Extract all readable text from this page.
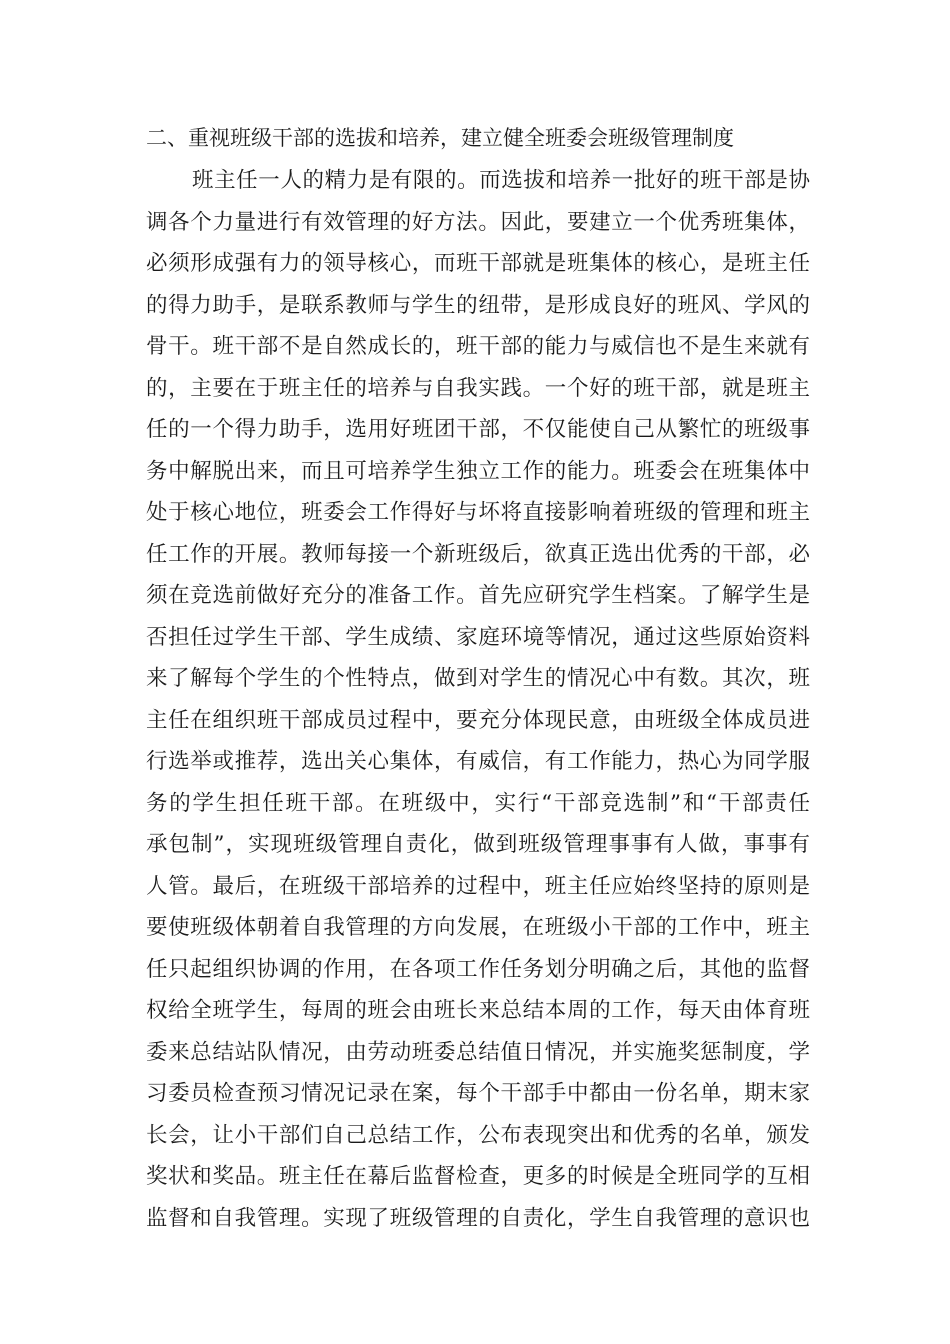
二、重视班级干部的选拔和培养，建立健全班委会班级管理制度
班主任一人的精力是有限的。而选拔和培养一批好的班干部是协
调各个力量进行有效管理的好方法。因此，要建立一个优秀班集体，
必须形成强有力的领导核心，而班干部就是班集体的核心，是班主任
的得力助手，是联系教师与学生的纽带，是形成良好的班风、学风的
骨干。班干部不是自然成长的，班干部的能力与威信也不是生来就有
的，主要在于班主任的培养与自我实践。一个好的班干部，就是班主
任的一个得力助手，选用好班团干部，不仅能使自己从繁忙的班级事
务中解脱出来，而且可培养学生独立工作的能力。班委会在班集体中
处于核心地位，班委会工作得好与坏将直接影响着班级的管理和班主
任工作的开展。教师每接一个新班级后，欲真正选出优秀的干部，必
须在竞选前做好充分的准备工作。首先应研究学生档案。了解学生是
否担任过学生干部、学生成绩、家庭环境等情况，通过这些原始资料
来了解每个学生的个性特点，做到对学生的情况心中有数。其次，班
主任在组织班干部成员过程中，要充分体现民意，由班级全体成员进
行选举或推荐，选出关心集体，有威信，有工作能力，热心为同学服
务的学生担任班干部。在班级中，实行“干部竞选制”和“干部责任
承包制”，实现班级管理自责化，做到班级管理事事有人做，事事有
人管。最后，在班级干部培养的过程中，班主任应始终坚持的原则是
要使班级体朝着自我管理的方向发展，在班级小干部的工作中，班主
任只起组织协调的作用，在各项工作任务划分明确之后，其他的监督
权给全班学生，每周的班会由班长来总结本周的工作，每天由体育班
委来总结站队情况，由劳动班委总结值日情况，并实施奖惩制度，学
习委员检查预习情况记录在案，每个干部手中都由一份名单，期末家
长会，让小干部们自己总结工作，公布表现突出和优秀的名单，颁发
奖状和奖品。班主任在幕后监督检查，更多的时候是全班同学的互相
监督和自我管理。实现了班级管理的自责化，学生自我管理的意识也
